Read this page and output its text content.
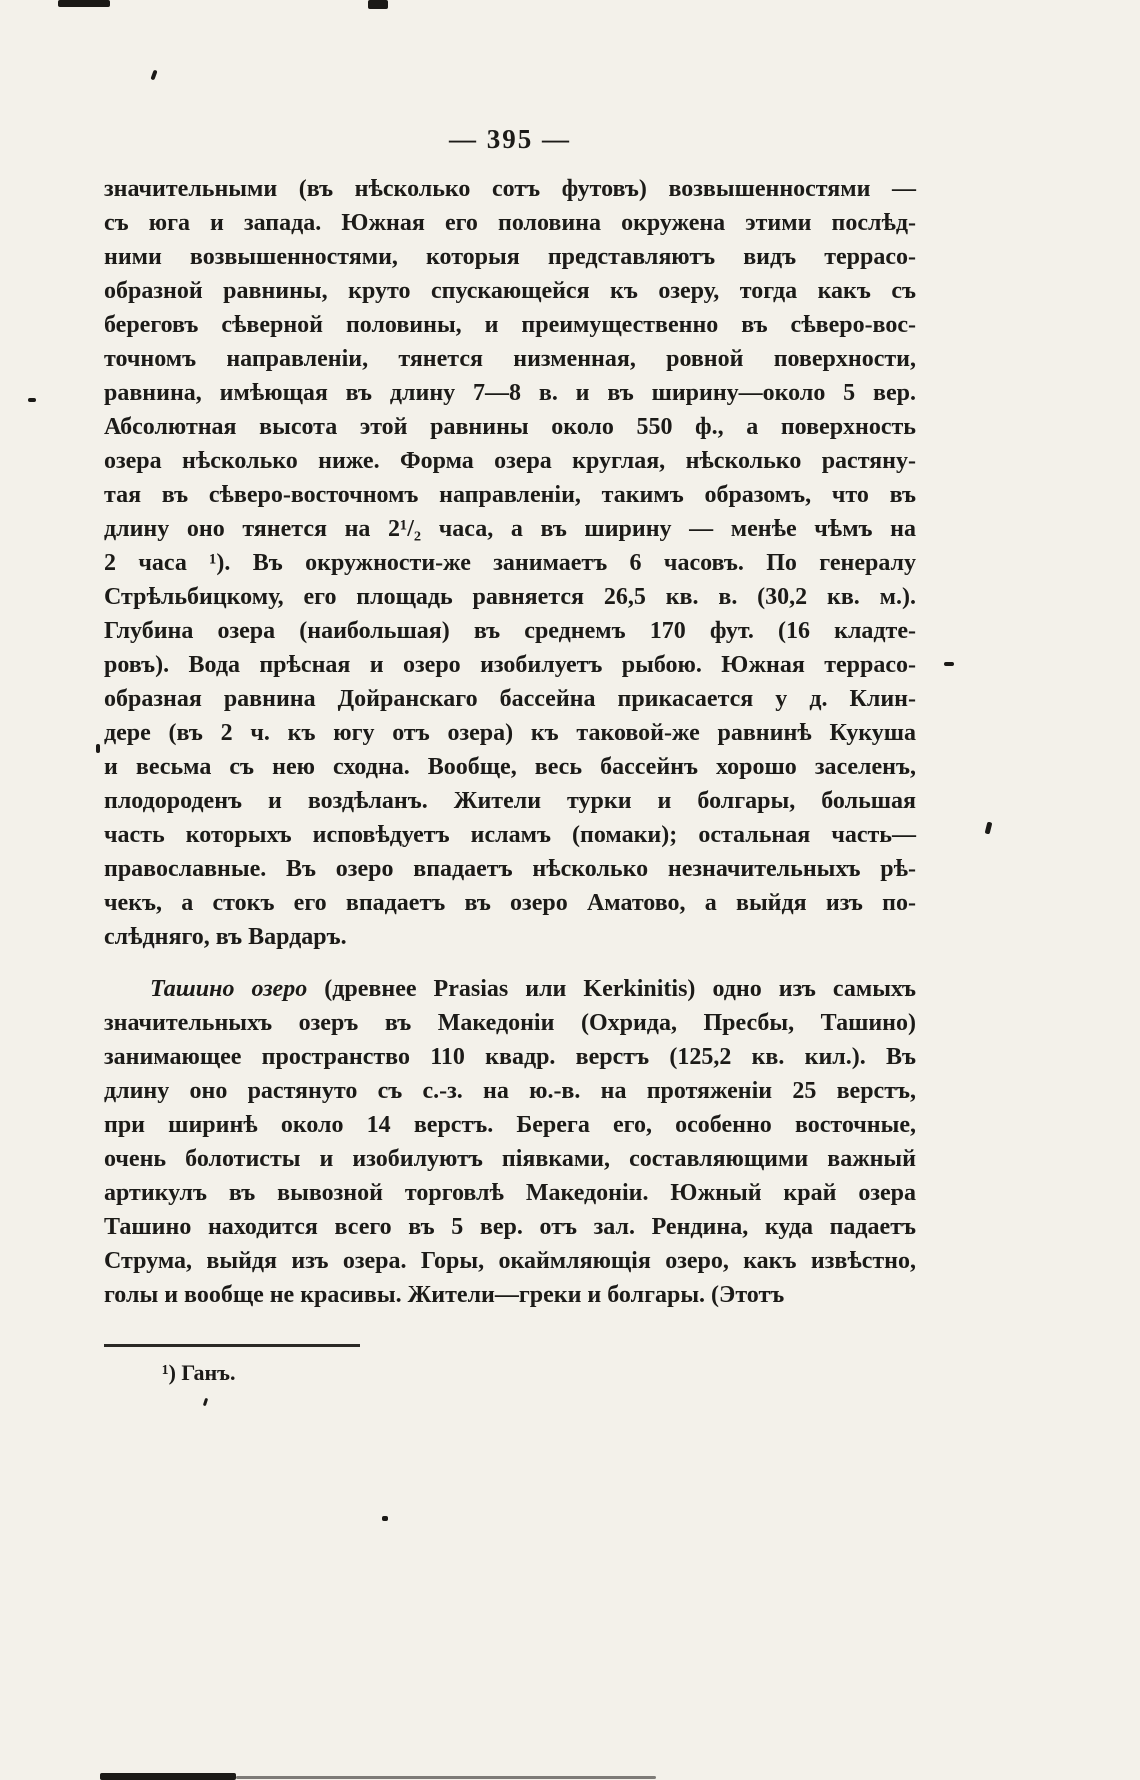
— 395 —
значительными (въ нѣсколько сотъ футовъ) возвышенностями —
съ юга и запада. Южная его половина окружена этими послѣд-
ними возвышенностями, которыя представляютъ видъ террасо-
образной равнины, круто спускающейся къ озеру, тогда какъ съ
береговъ сѣверной половины, и преимущественно въ сѣверо-вос-
точномъ направленіи, тянется низменная, ровной поверхности,
равнина, имѣющая въ длину 7—8 в. и въ ширину—около 5 вер.
Абсолютная высота этой равнины около 550 ф., а поверхность
озера нѣсколько ниже. Форма озера круглая, нѣсколько растяну-
тая въ сѣверо-восточномъ направленіи, такимъ образомъ, что въ
длину оно тянется на 2¹/₂ часа, а въ ширину — менѣе чѣмъ на
2 часа ¹). Въ окружности-же занимаетъ 6 часовъ. По генералу
Стрѣльбицкому, его площадь равняется 26,5 кв. в. (30,2 кв. м.).
Глубина озера (наибольшая) въ среднемъ 170 фут. (16 кладте-
ровъ). Вода прѣсная и озеро изобилуетъ рыбою. Южная террасо-
образная равнина Дойранскаго бассейна прикасается у д. Клин-
дере (въ 2 ч. къ югу отъ озера) къ таковой-же равнинѣ Кукуша
и весьма съ нею сходна. Вообще, весь бассейнъ хорошо заселенъ,
плодороденъ и воздѣланъ. Жители турки и болгары, большая
часть которыхъ исповѣдуетъ исламъ (помаки); остальная часть—
православные. Въ озеро впадаетъ нѣсколько незначительныхъ рѣ-
чекъ, а стокъ его впадаетъ въ озеро Аматово, а выйдя изъ по-
слѣдняго, въ Вардаръ.
Ташино озеро (древнее Prasias или Kerkinitis) одно изъ самыхъ
значительныхъ озеръ въ Македоніи (Охрида, Пресбы, Ташино)
занимающее пространство 110 квадр. верстъ (125,2 кв. кил.). Въ
длину оно растянуто съ с.-з. на ю.-в. на протяженіи 25 верстъ,
при ширинѣ около 14 верстъ. Берега его, особенно восточные,
очень болотисты и изобилуютъ піявками, составляющими важный
артикулъ въ вывозной торговлѣ Македоніи. Южный край озера
Ташино находится всего въ 5 вер. отъ зал. Рендина, куда падаетъ
Струма, выйдя изъ озера. Горы, окаймляющія озеро, какъ извѣстно,
голы и вообще не красивы. Жители—греки и болгары. (Этотъ
¹) Ганъ.
